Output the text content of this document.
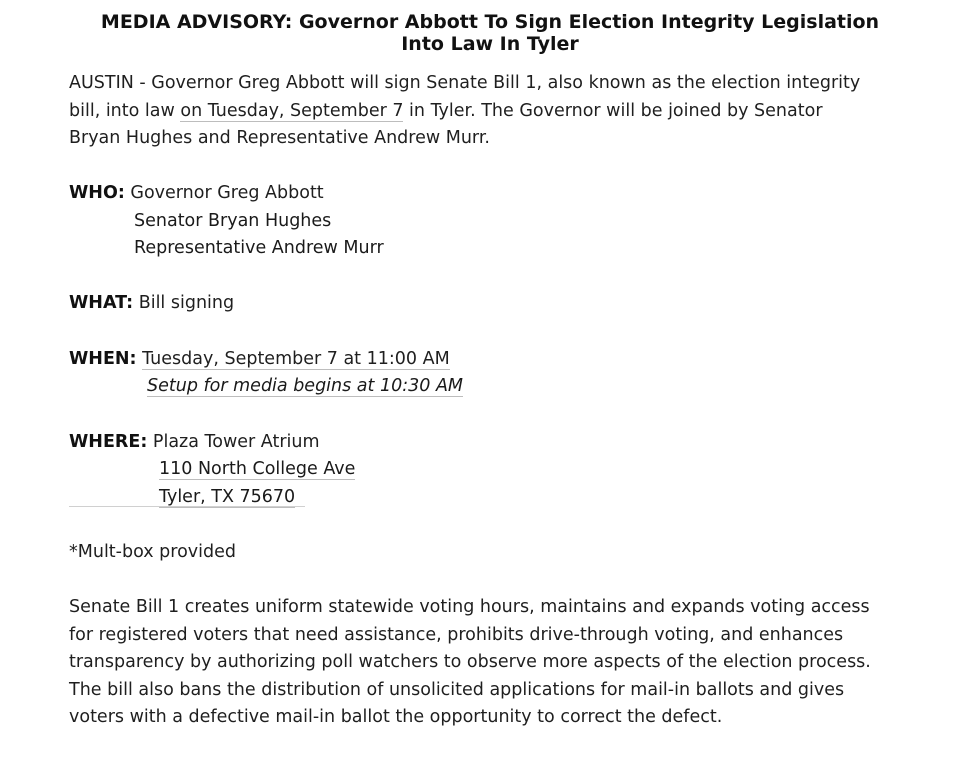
MEDIA ADVISORY: Governor Abbott To Sign Election Integrity Legislation
Into Law In Tyler
AUSTIN - Governor Greg Abbott will sign Senate Bill 1, also known as the election integrity
bill, into law on Tuesday, September 7 in Tyler. The Governor will be joined by Senator
Bryan Hughes and Representative Andrew Murr.
WHO: Governor Greg Abbott
Senator Bryan Hughes
Representative Andrew Murr
WHAT: Bill signing
WHEN: Tuesday, September 7 at 11:00 AM
Setup for media begins at 10:30 AM
WHERE: Plaza Tower Atrium
110 North College Ave
Tyler, TX 75670
*Mult-box provided
Senate Bill 1 creates uniform statewide voting hours, maintains and expands voting access
for registered voters that need assistance, prohibits drive-through voting, and enhances
transparency by authorizing poll watchers to observe more aspects of the election process.
The bill also bans the distribution of unsolicited applications for mail-in ballots and gives
voters with a defective mail-in ballot the opportunity to correct the defect.
